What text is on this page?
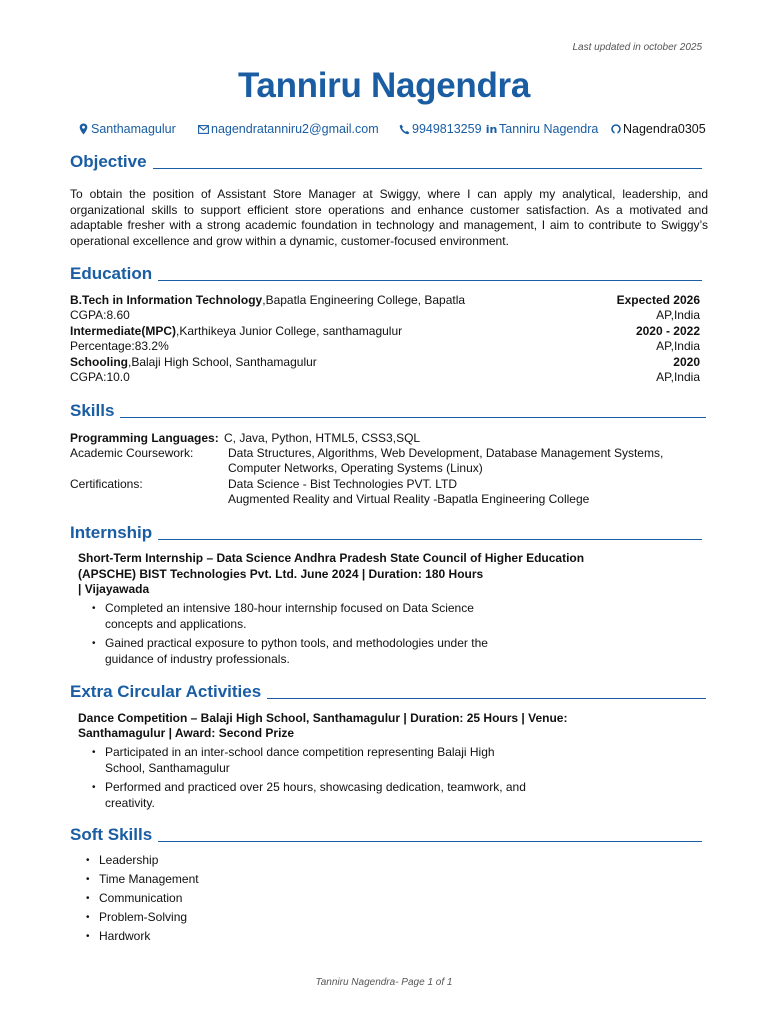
Last updated in october 2025
Tanniru Nagendra
Santhamagulur	nagendratanniru2@gmail.com	9949813259 in Tanniru Nagendra Nagendra0305
Objective
To obtain the position of Assistant Store Manager at Swiggy, where I can apply my analytical, leadership, and organizational skills to support efficient store operations and enhance customer satisfaction. As a motivated and adaptable fresher with a strong academic foundation in technology and management, I aim to contribute to Swiggy’s operational excellence and grow within a dynamic, customer-focused environment.
Education
B.Tech in Information Technology,Bapatla Engineering College, Bapatla	Expected 2026
CGPA:8.60	AP,India
Intermediate(MPC),Karthikeya Junior College, santhamagulur	2020 - 2022
Percentage:83.2%	AP,India
Schooling,Balaji High School, Santhamagulur	2020
CGPA:10.0	AP,India
Skills
Programming Languages: C, Java, Python, HTML5, CSS3,SQL
Academic Coursework:	Data Structures, Algorithms, Web Development, Database Management Systems,
Computer Networks, Operating Systems (Linux)
Certifications:	Data Science - Bist Technologies PVT. LTD
Augmented Reality and Virtual Reality -Bapatla Engineering College
Internship
Short-Term Internship – Data Science Andhra Pradesh State Council of Higher Education
(APSCHE) BIST Technologies Pvt. Ltd. June 2024 | Duration: 180 Hours
| Vijayawada
• Completed an intensive 180-hour internship focused on Data Science concepts and applications.
• Gained practical exposure to python tools, and methodologies under the guidance of industry professionals.
Extra Circular Activities
Dance Competition – Balaji High School, Santhamagulur | Duration: 25 Hours | Venue:
Santhamagulur | Award: Second Prize
• Participated in an inter-school dance competition representing Balaji High School, Santhamagulur
• Performed and practiced over 25 hours, showcasing dedication, teamwork, and creativity.
Soft Skills
• Leadership
• Time Management
• Communication
• Problem-Solving
• Hardwork
Tanniru Nagendra- Page 1 of 1
